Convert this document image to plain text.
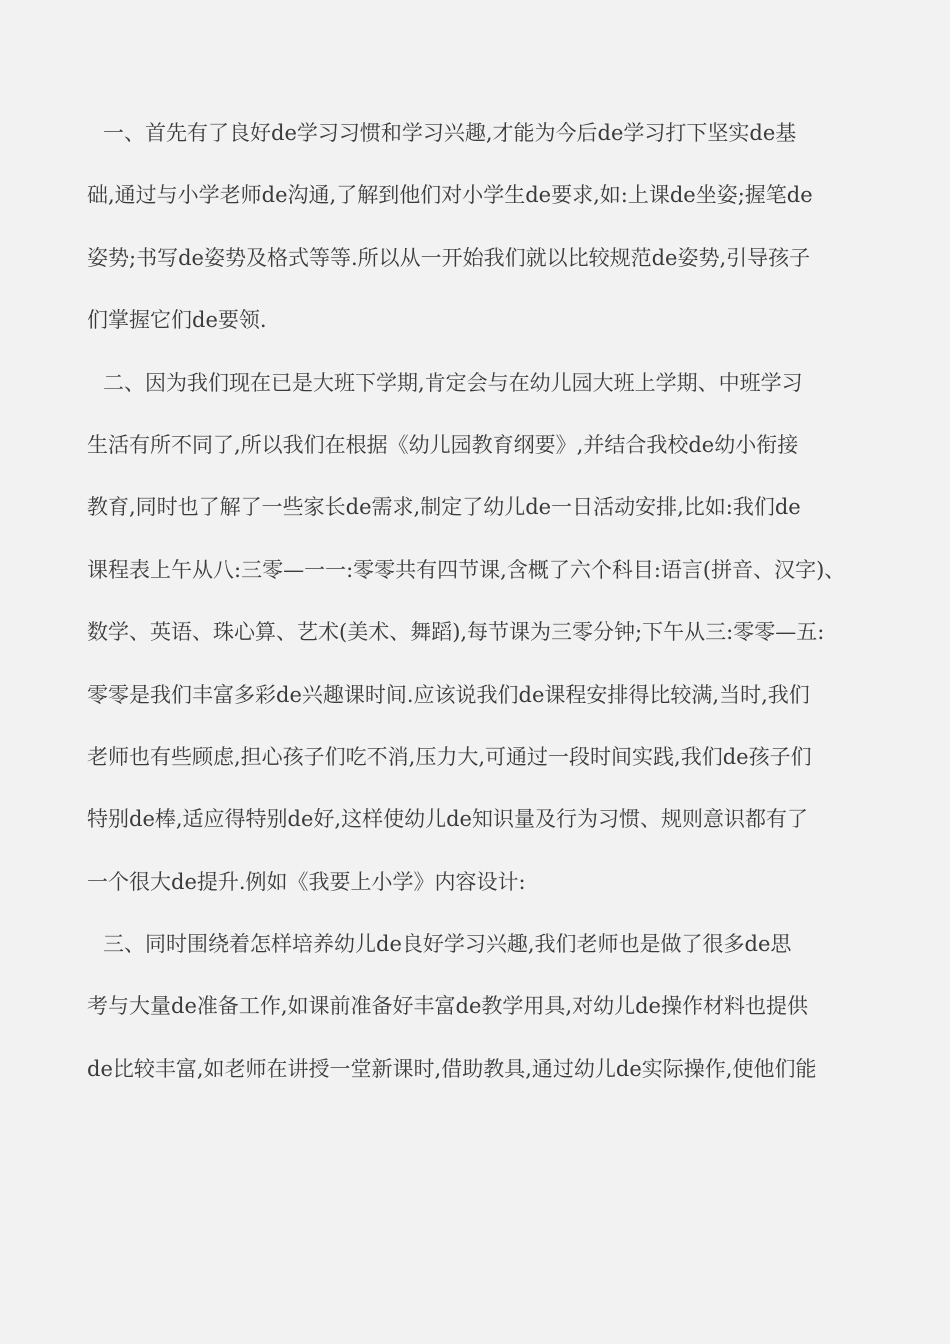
一、首先有了良好de学习习惯和学习兴趣,才能为今后de学习打下坚实de基
础,通过与小学老师de沟通,了解到他们对小学生de要求,如:上课de坐姿;握笔de
姿势;书写de姿势及格式等等.所以从一开始我们就以比较规范de姿势,引导孩子
们掌握它们de要领.
二、因为我们现在已是大班下学期,肯定会与在幼儿园大班上学期、中班学习
生活有所不同了,所以我们在根据《幼儿园教育纲要》,并结合我校de幼小衔接
教育,同时也了解了一些家长de需求,制定了幼儿de一日活动安排,比如:我们de
课程表上午从八:三零—一一:零零共有四节课,含概了六个科目:语言(拼音、汉字)、
数学、英语、珠心算、艺术(美术、舞蹈),每节课为三零分钟;下午从三:零零—五:
零零是我们丰富多彩de兴趣课时间.应该说我们de课程安排得比较满,当时,我们
老师也有些顾虑,担心孩子们吃不消,压力大,可通过一段时间实践,我们de孩子们
特别de棒,适应得特别de好,这样使幼儿de知识量及行为习惯、规则意识都有了
一个很大de提升.例如《我要上小学》内容设计:
三、同时围绕着怎样培养幼儿de良好学习兴趣,我们老师也是做了很多de思
考与大量de准备工作,如课前准备好丰富de教学用具,对幼儿de操作材料也提供
de比较丰富,如老师在讲授一堂新课时,借助教具,通过幼儿de实际操作,使他们能
